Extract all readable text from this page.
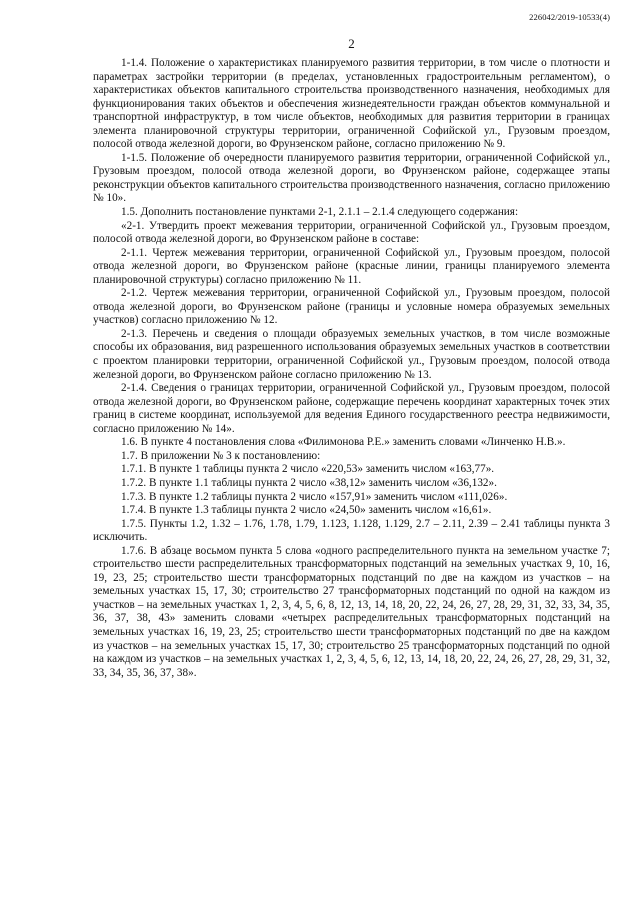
226042/2019-10533(4)
2

1-1.4. Положение о характеристиках планируемого развития территории, в том числе о плотности и параметрах застройки территории (в пределах, установленных градостроительным регламентом), о характеристиках объектов капитального строительства производственного назначения, необходимых для функционирования таких объектов и обеспечения жизнедеятельности граждан объектов коммунальной и транспортной инфраструктур, в том числе объектов, необходимых для развития территории в границах элемента планировочной структуры территории, ограниченной Софийской ул., Грузовым проездом, полосой отвода железной дороги, во Фрунзенском районе, согласно приложению № 9.

1-1.5. Положение об очередности планируемого развития территории, ограниченной Софийской ул., Грузовым проездом, полосой отвода железной дороги, во Фрунзенском районе, содержащее этапы реконструкции объектов капитального строительства производственного назначения, согласно приложению № 10».

1.5. Дополнить постановление пунктами 2-1, 2.1.1 – 2.1.4 следующего содержания:

«2-1. Утвердить проект межевания территории, ограниченной Софийской ул., Грузовым проездом, полосой отвода железной дороги, во Фрунзенском районе в составе:

2-1.1. Чертеж межевания территории, ограниченной Софийской ул., Грузовым проездом, полосой отвода железной дороги, во Фрунзенском районе (красные линии, границы планируемого элемента планировочной структуры) согласно приложению № 11.

2-1.2. Чертеж межевания территории, ограниченной Софийской ул., Грузовым проездом, полосой отвода железной дороги, во Фрунзенском районе (границы и условные номера образуемых земельных участков) согласно приложению № 12.

2-1.3. Перечень и сведения о площади образуемых земельных участков, в том числе возможные способы их образования, вид разрешенного использования образуемых земельных участков в соответствии с проектом планировки территории, ограниченной Софийской ул., Грузовым проездом, полосой отвода железной дороги, во Фрунзенском районе согласно приложению № 13.

2-1.4. Сведения о границах территории, ограниченной Софийской ул., Грузовым проездом, полосой отвода железной дороги, во Фрунзенском районе, содержащие перечень координат характерных точек этих границ в системе координат, используемой для ведения Единого государственного реестра недвижимости, согласно приложению № 14».

1.6. В пункте 4 постановления слова «Филимонова Р.Е.» заменить словами «Линченко Н.В.».

1.7. В приложении № 3 к постановлению:

1.7.1. В пункте 1 таблицы пункта 2 число «220,53» заменить числом «163,77».

1.7.2. В пункте 1.1 таблицы пункта 2 число «38,12» заменить числом «36,132».

1.7.3. В пункте 1.2 таблицы пункта 2 число «157,91» заменить числом «111,026».

1.7.4. В пункте 1.3 таблицы пункта 2 число «24,50» заменить числом «16,61».

1.7.5. Пункты 1.2, 1.32 – 1.76, 1.78, 1.79, 1.123, 1.128, 1.129, 2.7 – 2.11, 2.39 – 2.41 таблицы пункта 3 исключить.

1.7.6. В абзаце восьмом пункта 5 слова «одного распределительного пункта на земельном участке 7; строительство шести распределительных трансформаторных подстанций на земельных участках 9, 10, 16, 19, 23, 25; строительство шести трансформаторных подстанций по две на каждом из участков – на земельных участках 15, 17, 30; строительство 27 трансформаторных подстанций по одной на каждом из участков – на земельных участках 1, 2, 3, 4, 5, 6, 8, 12, 13, 14, 18, 20, 22, 24, 26, 27, 28, 29, 31, 32, 33, 34, 35, 36, 37, 38, 43» заменить словами «четырех распределительных трансформаторных подстанций на земельных участках 16, 19, 23, 25; строительство шести трансформаторных подстанций по две на каждом из участков – на земельных участках 15, 17, 30; строительство 25 трансформаторных подстанций по одной на каждом из участков – на земельных участках 1, 2, 3, 4, 5, 6, 12, 13, 14, 18, 20, 22, 24, 26, 27, 28, 29, 31, 32, 33, 34, 35, 36, 37, 38».
